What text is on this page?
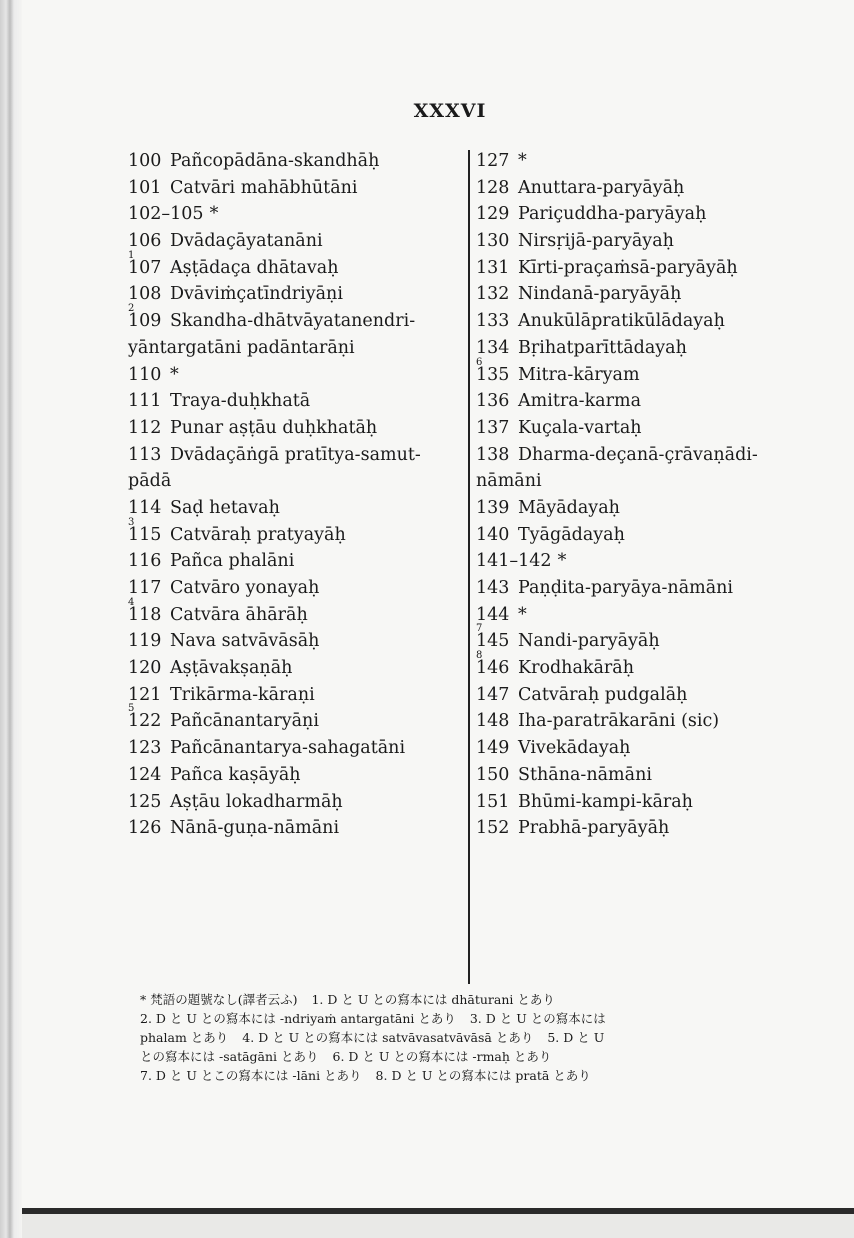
XXXVI
100 Pañcopādāna-skandhāḥ
101 Catvāri mahābhūtāni
102–105 *
106 Dvādaçāyatanāni
107 Aṣṭādaça dhātavaḥ
1
108 Dvāviṁçatīndriyāṇi
109 Skandha-dhātvāyatanendri-
2
yāntargatāni padāntarāṇi
110 *
111 Traya-duḥkhatā
112 Punar aṣṭāu duḥkhatāḥ
113 Dvādaçāṅgā pratītya-samut-
pādā
114 Saḍ hetavaḥ
115 Catvāraḥ pratyayāḥ
3
116 Pañca phalāni
117 Catvāro yonayaḥ
118 Catvāra āhārāḥ
4
119 Nava satvāvāsāḥ
120 Aṣṭāvakṣaṇāḥ
121 Trikārma-kāraṇi
122 Pañcānantaryāṇi
5
123 Pañcānantarya-sahagatāni
124 Pañca kaṣāyāḥ
125 Aṣṭāu lokadharmāḥ
126 Nānā-guṇa-nāmāni
127 *
128 Anuttara-paryāyāḥ
129 Pariçuddha-paryāyaḥ
130 Nirsṛijā-paryāyaḥ
131 Kīrti-praçaṁsā-paryāyāḥ
132 Nindanā-paryāyāḥ
133 Anukūlāpratikūlādayaḥ
134 Bṛihatparīttādayaḥ
135 Mitra-kāryam
6
136 Amitra-karma
137 Kuçala-vartaḥ
138 Dharma-deçanā-çrāvaṇādi-
nāmāni
139 Māyādayaḥ
140 Tyāgādayaḥ
141–142 *
143 Paṇḍita-paryāya-nāmāni
144 *
145 Nandi-paryāyāḥ
7
146 Krodhakārāḥ
8
147 Catvāraḥ pudgalāḥ
148 Iha-paratrākarāni (sic)
149 Vivekādayaḥ
150 Sthāna-nāmāni
151 Bhūmi-kampi-kāraḥ
152 Prabhā-paryāyāḥ
* 梵語の題號なし(譯者云ふ) 1. D と U との寫本には dhāturani とあり
2. D と U との寫本には -ndriyaṁ antargatāni とあり 3. D と U との寫本には
phalam とあり 4. D と U との寫本には satvāvasatvāvāsā とあり 5. D と U
との寫本には -satāgāni とあり 6. D と U との寫本には -rmaḥ とあり
7. D と U とこの寫本には -lāni とあり 8. D と U との寫本には pratā とあり
